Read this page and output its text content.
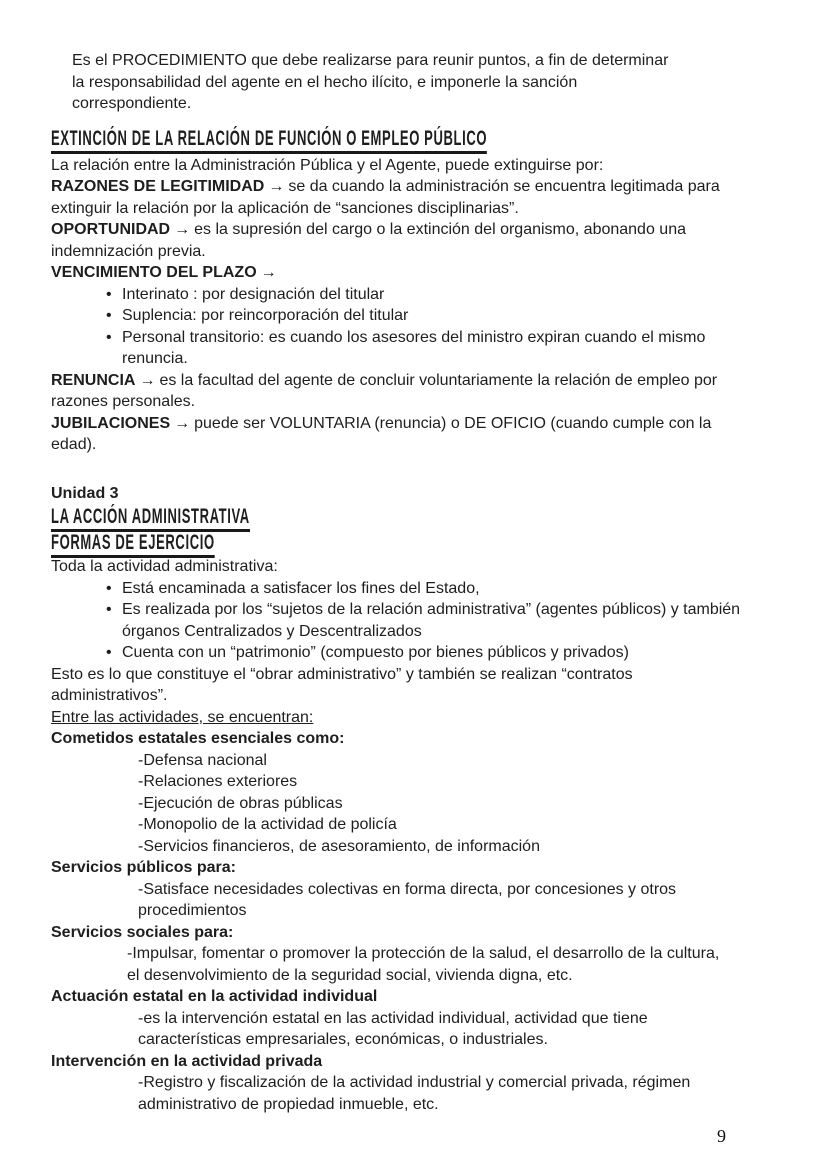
Es el PROCEDIMIENTO que debe realizarse para reunir puntos, a fin de determinar la responsabilidad del agente en el hecho ilícito, e imponerle la sanción correspondiente.

EXTINCIÓN DE LA RELACIÓN DE FUNCIÓN O EMPLEO PÚBLICO

La relación entre la Administración Pública y el Agente, puede extinguirse por:

RAZONES DE LEGITIMIDAD → se da cuando la administración se encuentra legitimada para extinguir la relación por la aplicación de “sanciones disciplinarias”.

OPORTUNIDAD → es la supresión del cargo o la extinción del organismo, abonando una indemnización previa.

VENCIMIENTO DEL PLAZO →

• Interinato : por designación del titular
• Suplencia: por reincorporación del titular
• Personal transitorio: es cuando los asesores del ministro expiran cuando el mismo renuncia.

RENUNCIA → es la facultad del agente de concluir voluntariamente la relación de empleo por razones personales.

JUBILACIONES → puede ser VOLUNTARIA (renuncia) o DE OFICIO (cuando cumple con la edad).

Unidad 3

LA ACCIÓN ADMINISTRATIVA
FORMAS DE EJERCICIO

Toda la actividad administrativa:

• Está encaminada a satisfacer los fines del Estado,
• Es realizada por los “sujetos de la relación administrativa” (agentes públicos) y también órganos Centralizados y Descentralizados
• Cuenta con un “patrimonio” (compuesto por bienes públicos y privados)

Esto es lo que constituye el “obrar administrativo” y también se realizan “contratos administrativos”.

Entre las actividades, se encuentran:

Cometidos estatales esenciales como:

-Defensa nacional

-Relaciones exteriores

-Ejecución de obras públicas

-Monopolio de la actividad de policía

-Servicios financieros, de asesoramiento, de información

Servicios públicos para:

-Satisface necesidades colectivas en forma directa, por concesiones y otros procedimientos

Servicios sociales para:

-Impulsar, fomentar o promover la protección de la salud, el desarrollo de la cultura, el desenvolvimiento de la seguridad social, vivienda digna, etc.

Actuación estatal en la actividad individual

-es la intervención estatal en las actividad individual, actividad que tiene características empresariales, económicas, o industriales.

Intervención en la actividad privada

-Registro y fiscalización de la actividad industrial y comercial privada, régimen administrativo de propiedad inmueble, etc.

9
